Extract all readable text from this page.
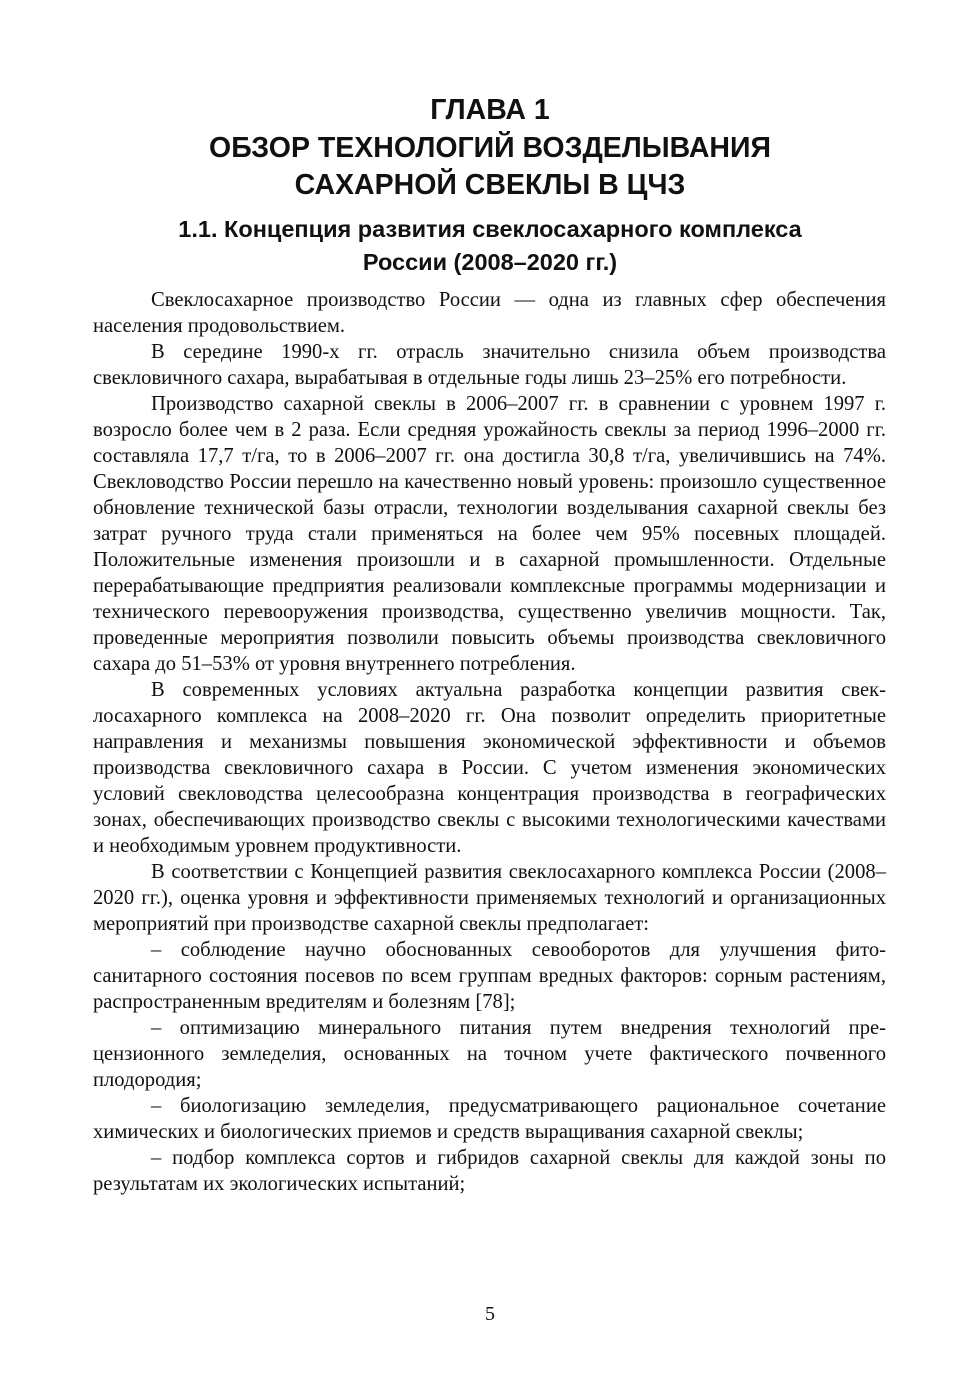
ГЛАВА 1
ОБЗОР ТЕХНОЛОГИЙ ВОЗДЕЛЫВАНИЯ
САХАРНОЙ СВЕКЛЫ В ЦЧЗ
1.1. Концепция развития свеклосахарного комплекса
России (2008–2020 гг.)

Свеклосахарное производство России — одна из главных сфер обеспечения населения продовольствием.

В середине 1990-х гг. отрасль значительно снизила объем производства свекловичного сахара, вырабатывая в отдельные годы лишь 23–25% его потребности.

Производство сахарной свеклы в 2006–2007 гг. в сравнении с уровнем 1997 г. возросло более чем в 2 раза. Если средняя урожайность свеклы за период 1996–2000 гг. составляла 17,7 т/га, то в 2006–2007 гг. она достигла 30,8 т/га, увеличившись на 74%. Свекловодство России перешло на качественно новый уровень: произошло существенное обновление технической базы отрасли, технологии возделывания сахарной свеклы без затрат ручного труда стали применяться на более чем 95% посевных площадей. Положительные изменения произошли и в сахарной промышленности. Отдельные перерабатывающие предприятия реализовали комплексные программы модернизации и технического перевооружения производства, существенно увеличив мощности. Так, проведенные мероприятия позволили повысить объемы производства свекловичного сахара до 51–53% от уровня внутреннего потребления.

В современных условиях актуальна разработка концепции развития свеклосахарного комплекса на 2008–2020 гг. Она позволит определить приоритетные направления и механизмы повышения экономической эффективности и объемов производства свекловичного сахара в России. С учетом изменения экономических условий свекловодства целесообразна концентрация производства в географических зонах, обеспечивающих производство свеклы с высокими технологическими качествами и необходимым уровнем продуктивности.

В соответствии с Концепцией развития свеклосахарного комплекса России (2008–2020 гг.), оценка уровня и эффективности применяемых технологий и организационных мероприятий при производстве сахарной свеклы предполагает:

– соблюдение научно обоснованных севооборотов для улучшения фитосанитарного состояния посевов по всем группам вредных факторов: сорным растениям, распространенным вредителям и болезням [78];

– оптимизацию минерального питания путем внедрения технологий прецензионного земледелия, основанных на точном учете фактического почвенного плодородия;

– биологизацию земледелия, предусматривающего рациональное сочетание химических и биологических приемов и средств выращивания сахарной свеклы;

– подбор комплекса сортов и гибридов сахарной свеклы для каждой зоны по результатам их экологических испытаний;

5
